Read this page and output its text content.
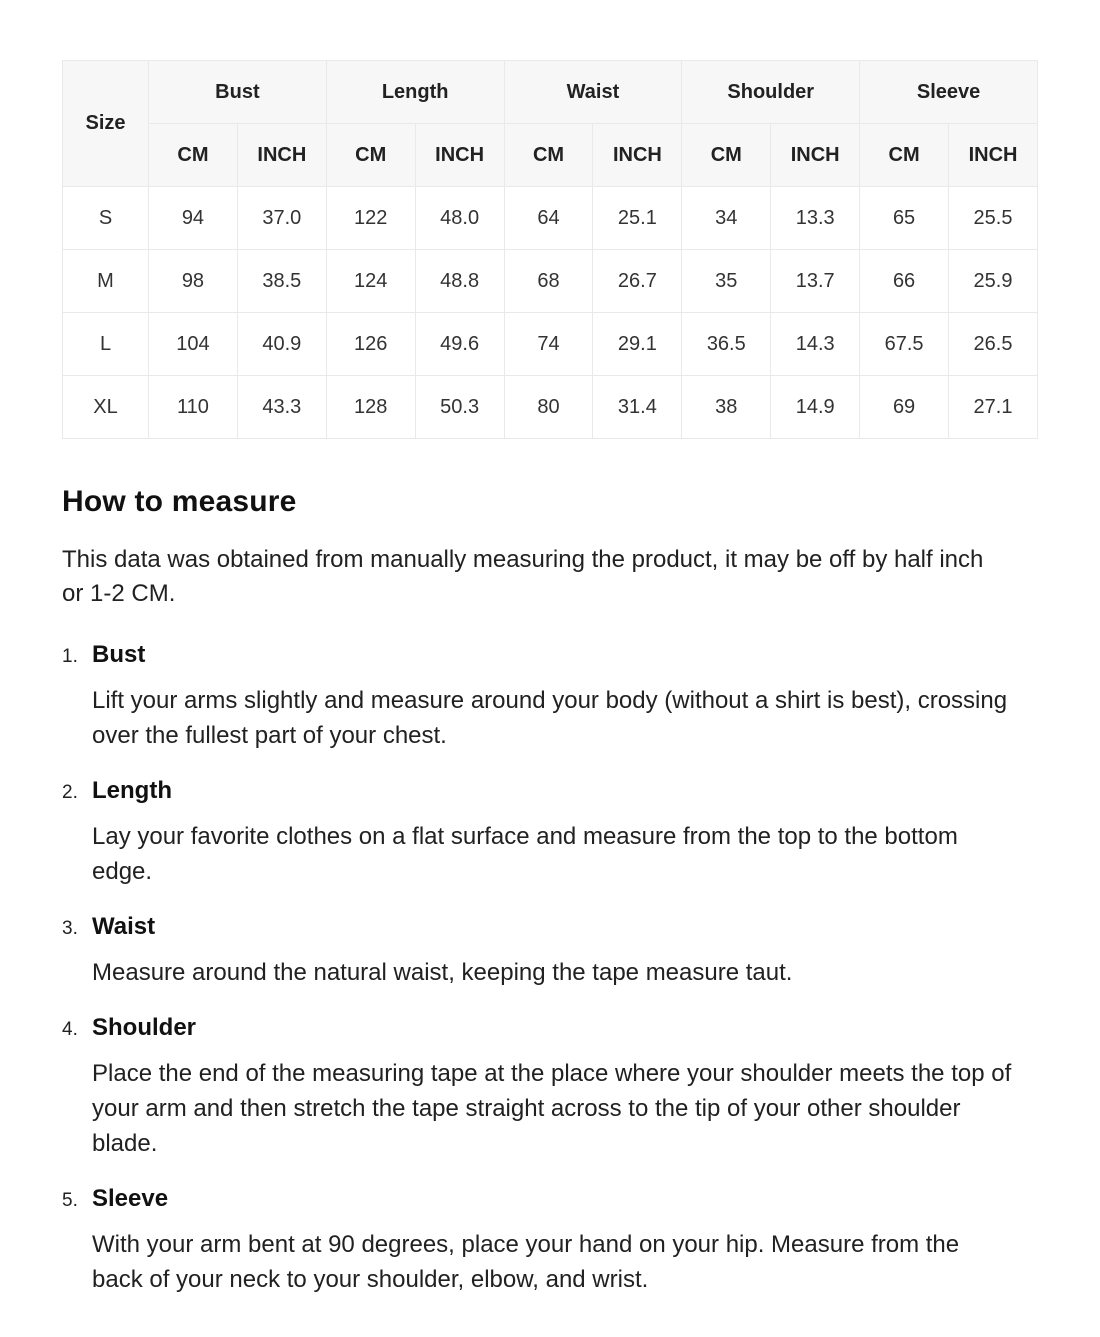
Size	Bust		Length		Waist		Shoulder		Sleeve	
	CM	INCH	CM	INCH	CM	INCH	CM	INCH	CM	INCH
S	94	37.0	122	48.0	64	25.1	34	13.3	65	25.5
M	98	38.5	124	48.8	68	26.7	35	13.7	66	25.9
L	104	40.9	126	49.6	74	29.1	36.5	14.3	67.5	26.5
XL	110	43.3	128	50.3	80	31.4	38	14.9	69	27.1
How to measure

This data was obtained from manually measuring the product, it may be off by half inch or 1-2 CM.

1. Bust

Lift your arms slightly and measure around your body (without a shirt is best), crossing over the fullest part of your chest.

2. Length

Lay your favorite clothes on a flat surface and measure from the top to the bottom edge.

3. Waist

Measure around the natural waist, keeping the tape measure taut.

4. Shoulder

Place the end of the measuring tape at the place where your shoulder meets the top of your arm and then stretch the tape straight across to the tip of your other shoulder blade.

5. Sleeve

With your arm bent at 90 degrees, place your hand on your hip. Measure from the back of your neck to your shoulder, elbow, and wrist.
